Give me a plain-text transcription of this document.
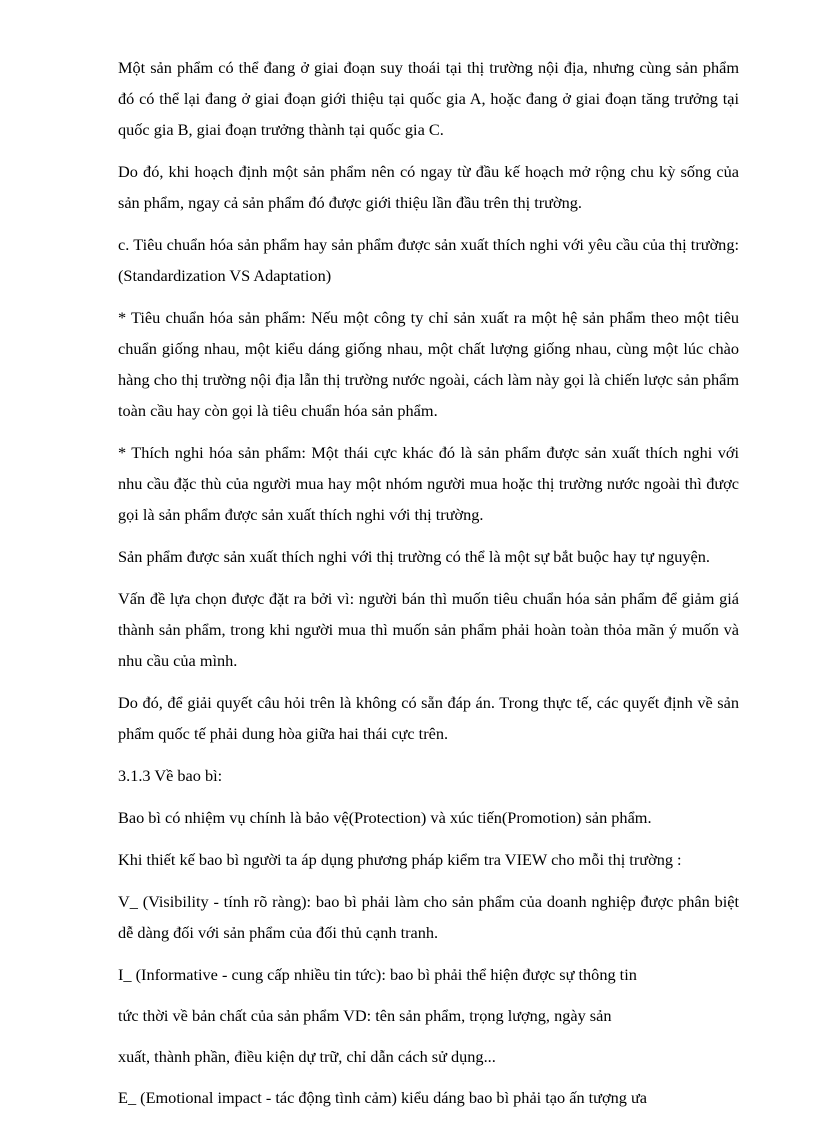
Một sản phẩm có thể đang ở giai đoạn suy thoái tại thị trường nội địa, nhưng cùng sản phẩm đó có thể lại đang ở giai đoạn giới thiệu tại quốc gia A, hoặc đang ở giai đoạn tăng trưởng tại quốc gia B, giai đoạn trưởng thành tại quốc gia C.

Do đó, khi hoạch định một sản phẩm nên có ngay từ đầu kế hoạch mở rộng chu kỳ sống của sản phẩm, ngay cả sản phẩm đó được giới thiệu lần đầu trên thị trường.

c. Tiêu chuẩn hóa sản phẩm hay sản phẩm được sản xuất thích nghi với yêu cầu của thị trường: (Standardization VS Adaptation)

* Tiêu chuẩn hóa sản phẩm: Nếu một công ty chỉ sản xuất ra một hệ sản phẩm theo một tiêu chuẩn giống nhau, một kiểu dáng giống nhau, một chất lượng giống nhau, cùng một lúc chào hàng cho thị trường nội địa lẫn thị trường nước ngoài, cách làm này gọi là chiến lược sản phẩm toàn cầu hay còn gọi là tiêu chuẩn hóa sản phẩm.

* Thích nghi hóa sản phẩm: Một thái cực khác đó là sản phẩm được sản xuất thích nghi với nhu cầu đặc thù của người mua hay một nhóm người mua hoặc thị trường nước ngoài thì được gọi là sản phẩm được sản xuất thích nghi với thị trường.

Sản phẩm được sản xuất thích nghi với thị trường có thể là một sự bắt buộc hay tự nguyện.

Vấn đề lựa chọn được đặt ra bởi vì: người bán thì muốn tiêu chuẩn hóa sản phẩm để giảm giá thành sản phẩm, trong khi người mua thì muốn sản phẩm phải hoàn toàn thỏa mãn ý muốn và nhu cầu của mình.

Do đó, để giải quyết câu hỏi trên là không có sẵn đáp án. Trong thực tế, các quyết định về sản phẩm quốc tế phải dung hòa giữa hai thái cực trên.

3.1.3 Về bao bì:

Bao bì có nhiệm vụ chính là bảo vệ(Protection) và xúc tiến(Promotion) sản phẩm.

Khi thiết kế bao bì người ta áp dụng phương pháp kiểm tra VIEW cho mỗi thị trường :

V_ (Visibility - tính rõ ràng): bao bì phải làm cho sản phẩm của doanh nghiệp được phân biệt dễ dàng đối với sản phẩm của đối thủ cạnh tranh.

I_ (Informative - cung cấp nhiều tin tức): bao bì phải thể hiện được sự thông tin

tức thời về bản chất của sản phẩm VD: tên sản phẩm, trọng lượng, ngày sản

xuất, thành phần, điều kiện dự trữ, chỉ dẫn cách sử dụng...

E_ (Emotional impact - tác động tình cảm) kiểu dáng bao bì phải tạo ấn tượng ưa
